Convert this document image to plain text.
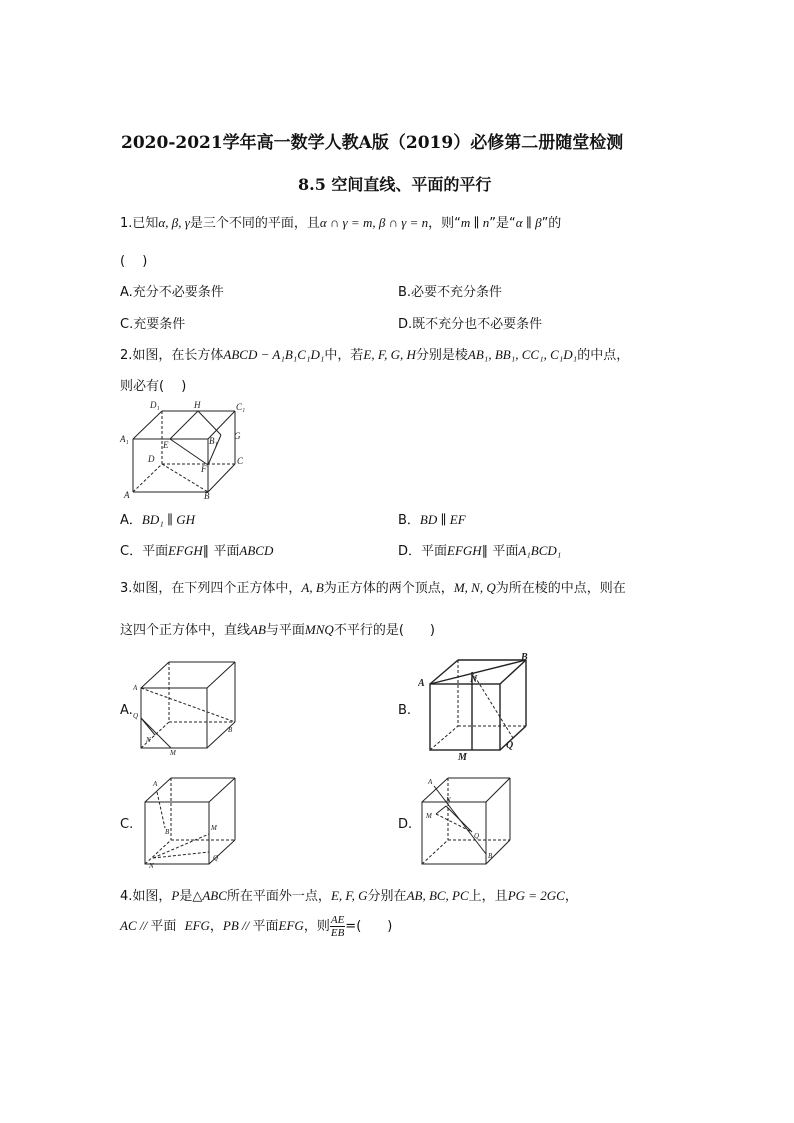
2020-2021学年高一数学人教A版（2019）必修第二册随堂检测
8.5 空间直线、平面的平行
1.已知α, β, γ是三个不同的平面，且α ∩ γ = m, β ∩ γ = n，则“m ∥ n”是“α ∥ β”的
(　 )
A.充分不必要条件	B.必要不充分条件
C.充要条件	D.既不充分也不必要条件
2.如图，在长方体ABCD − A₁B₁C₁D₁中，若E, F, G, H分别是棱AB₁, BB₁, CC₁, C₁D₁的中点，
则必有(　 )
D₁	H	C₁
A₁
E	B₁ G
D	C
F
A	B
A．BD₁ ∥ GH	B．BD ∥ EF
C．平面EFGH∥ 平面ABCD	D．平面EFGH∥ 平面A₁BCD₁
3.如图，在下列四个正方体中，A, B为正方体的两个顶点，M, N, Q为所在棱的中点，则在
这四个正方体中，直线AB与平面MNQ不平行的是(　　)
A.	B.
C.	D.
A
B
M
N
Q
A
B
N
M
Q
A
B	M
N
Q
A
B
M
N
Q
4.如图，P是△ABC所在平面外一点，E, F, G分别在AB, BC, PC上，且PG = 2GC，
AC // 平面 EFG，PB // 平面EFG，则 $\frac{AE}{EB}$ =(　　)
